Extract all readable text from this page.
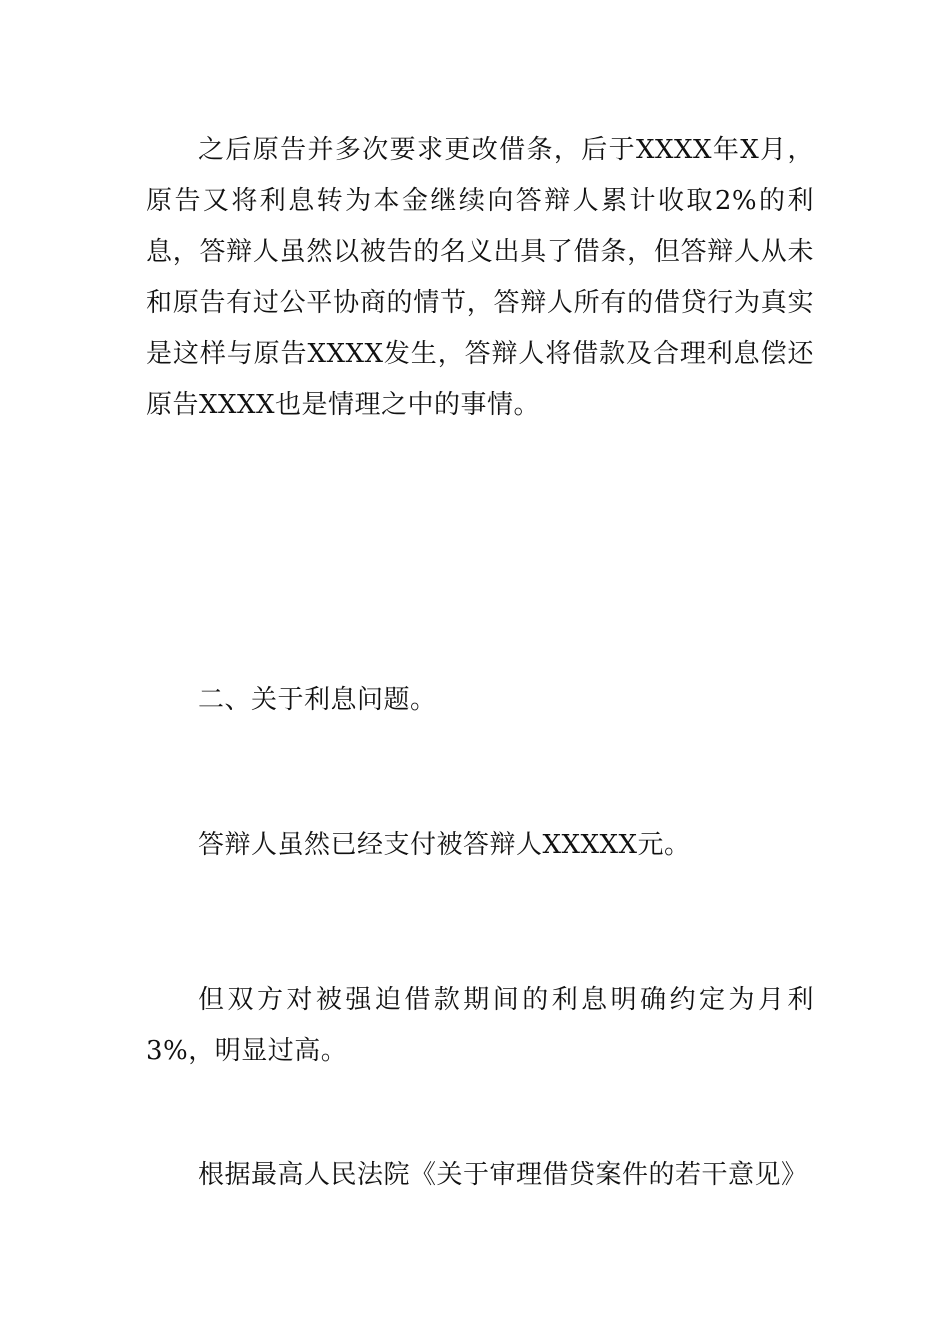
之后原告并多次要求更改借条，后于XXXX年X月，原告又将利息转为本金继续向答辩人累计收取2%的利息，答辩人虽然以被告的名义出具了借条，但答辩人从未和原告有过公平协商的情节，答辩人所有的借贷行为真实是这样与原告XXXX发生，答辩人将借款及合理利息偿还原告XXXX也是情理之中的事情。

二、关于利息问题。

答辩人虽然已经支付被答辩人XXXXX元。

但双方对被强迫借款期间的利息明确约定为月利3%，明显过高。

根据最高人民法院《关于审理借贷案件的若干意见》
